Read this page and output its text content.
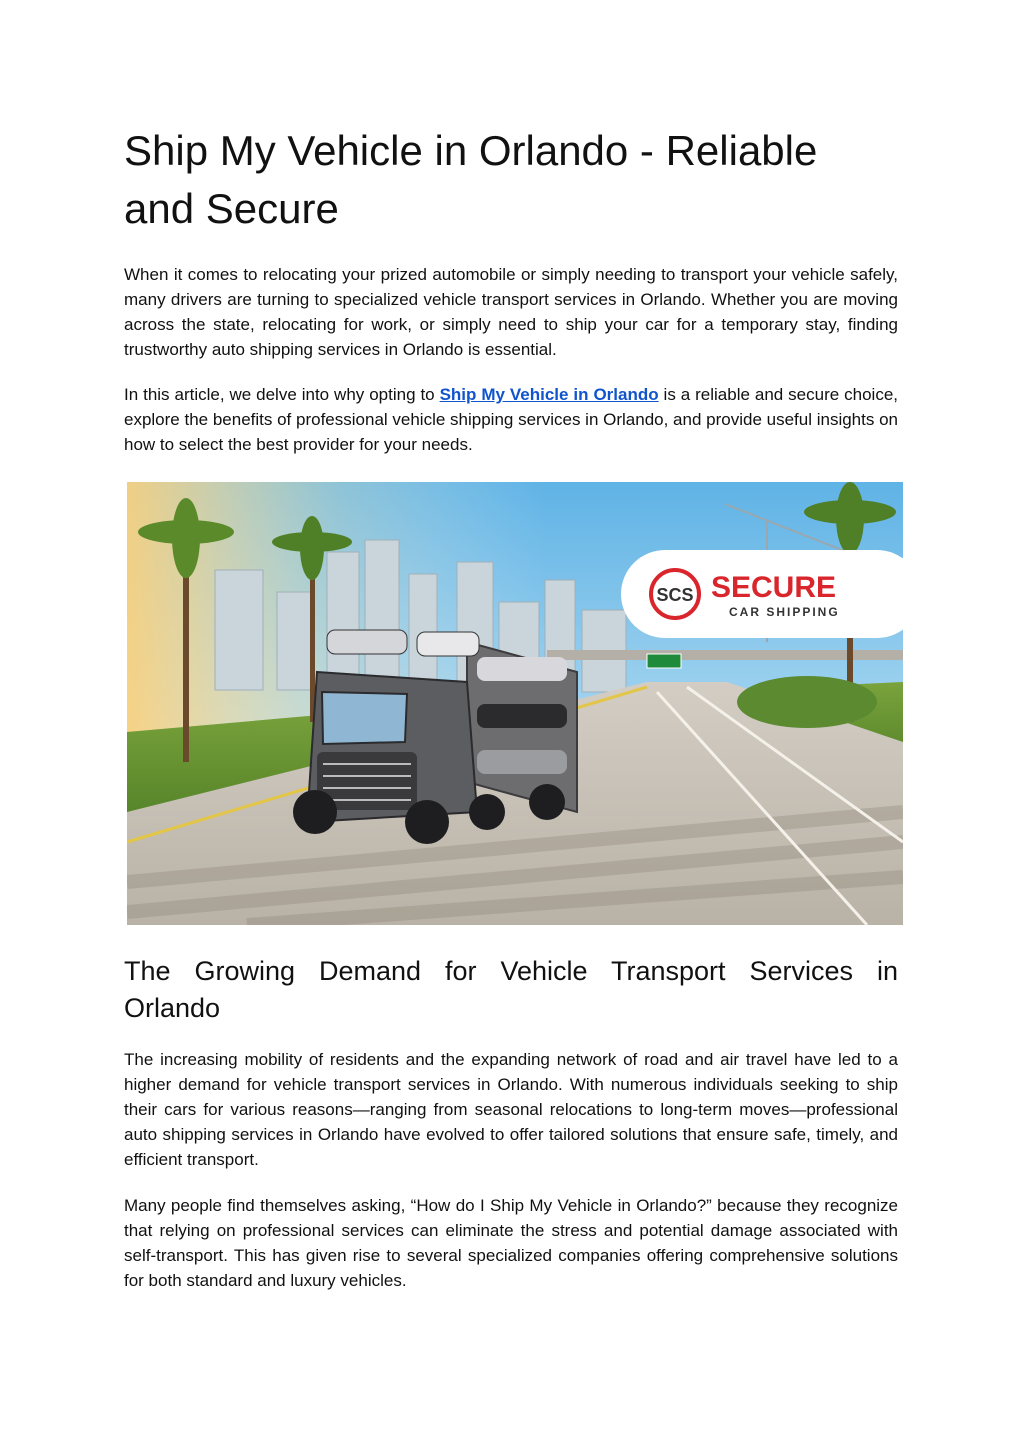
Ship My Vehicle in Orlando - Reliable and Secure

When it comes to relocating your prized automobile or simply needing to transport your vehicle safely, many drivers are turning to specialized vehicle transport services in Orlando. Whether you are moving across the state, relocating for work, or simply need to ship your car for a temporary stay, finding trustworthy auto shipping services in Orlando is essential.

In this article, we delve into why opting to Ship My Vehicle in Orlando is a reliable and secure choice, explore the benefits of professional vehicle shipping services in Orlando, and provide useful insights on how to select the best provider for your needs.

SCS SECURE
CAR SHIPPING
The Growing Demand for Vehicle Transport Services in
Orlando

The increasing mobility of residents and the expanding network of road and air travel have led to a higher demand for vehicle transport services in Orlando. With numerous individuals seeking to ship their cars for various reasons—ranging from seasonal relocations to long-term moves—professional auto shipping services in Orlando have evolved to offer tailored solutions that ensure safe, timely, and efficient transport.

Many people find themselves asking, “How do I Ship My Vehicle in Orlando?” because they recognize that relying on professional services can eliminate the stress and potential damage associated with self-transport. This has given rise to several specialized companies offering comprehensive solutions for both standard and luxury vehicles.
